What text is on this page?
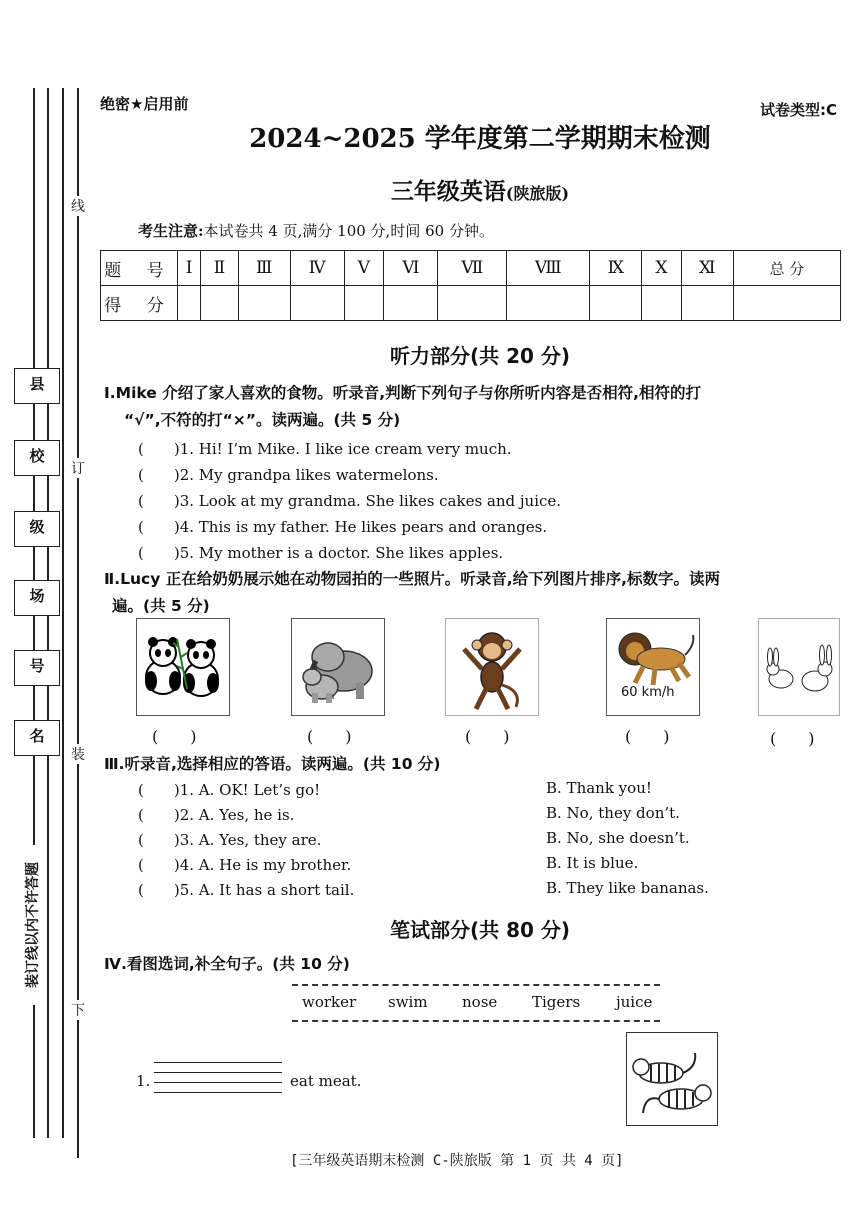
线
订
装
下
县
校
级
场
号
名
装订线以内不许答题
绝密★启用前	试卷类型:C
2024~2025 学年度第二学期期末检测
三年级英语(陕旅版)
考生注意:本试卷共 4 页,满分 100 分,时间 60 分钟。
题 号	Ⅰ	Ⅱ	Ⅲ	Ⅳ	Ⅴ	Ⅵ	Ⅶ	Ⅷ	Ⅸ	Ⅹ	Ⅺ	总 分
得 分												
听力部分(共 20 分)
Ⅰ.Mike 介绍了家人喜欢的食物。听录音,判断下列句子与你所听内容是否相符,相符的打
“√”,不符的打“×”。读两遍。(共 5 分)
(　　)1. Hi! I’m Mike. I like ice cream very much.
(　　)2. My grandpa likes watermelons.
(　　)3. Look at my grandma. She likes cakes and juice.
(　　)4. This is my father. He likes pears and oranges.
(　　)5. My mother is a doctor. She likes apples.
Ⅱ.Lucy 正在给奶奶展示她在动物园拍的一些照片。听录音,给下列图片排序,标数字。读两
遍。(共 5 分)
60 km/h
(　　)	(　　)	(　　)	(　　)	(　　)
Ⅲ.听录音,选择相应的答语。读两遍。(共 10 分)
(　　)1. A. OK! Let’s go!	B. Thank you!
(　　)2. A. Yes, he is.	B. No, they don’t.
(　　)3. A. Yes, they are.	B. No, she doesn’t.
(　　)4. A. He is my brother.	B. It is blue.
(　　)5. A. It has a short tail.	B. They like bananas.
笔试部分(共 80 分)
Ⅳ.看图选词,补全句子。(共 10 分)
worker swim nose Tigers juice
1.	eat meat.
[三年级英语期末检测 C-陕旅版 第 1 页 共 4 页]
